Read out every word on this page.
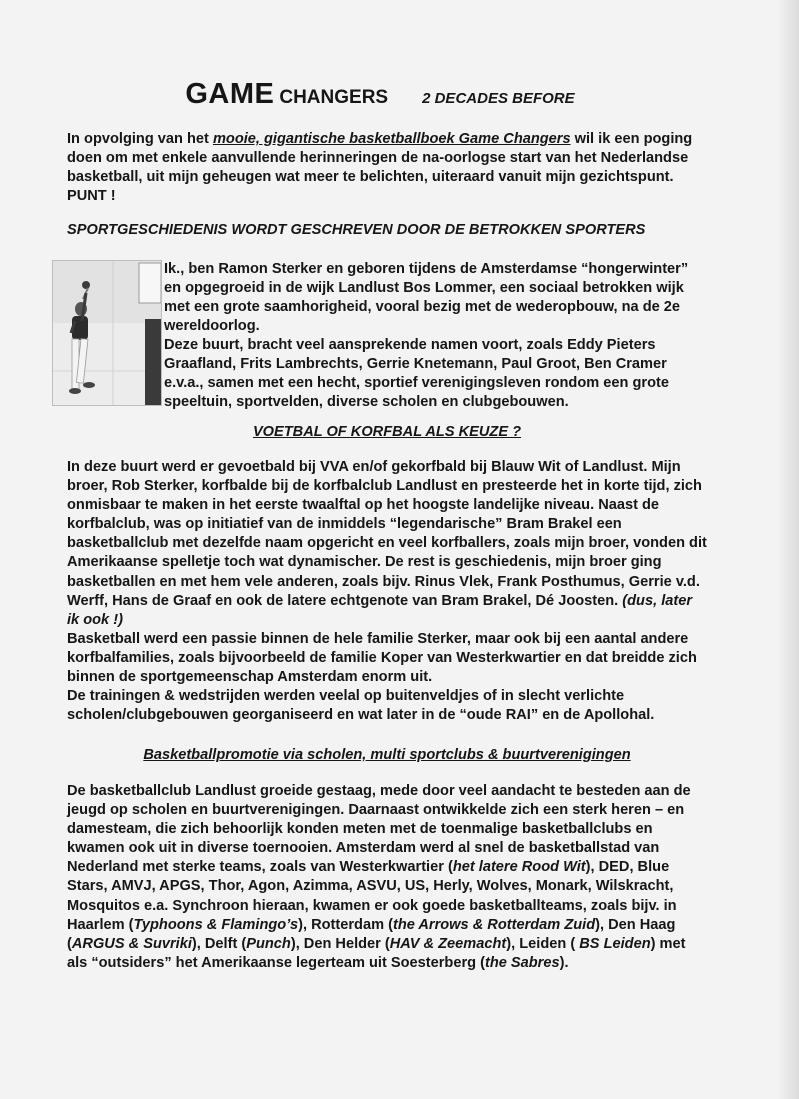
GAME CHANGERS 2 DECADES BEFORE

In opvolging van het mooie, gigantische basketballboek Game Changers wil ik een poging doen om met enkele aanvullende herinneringen de na-oorlogse start van het Nederlandse basketball, uit mijn geheugen wat meer te belichten, uiteraard vanuit mijn gezichtspunt. PUNT !

SPORTGESCHIEDENIS WORDT GESCHREVEN DOOR DE BETROKKEN SPORTERS

Ik., ben Ramon Sterker en geboren tijdens de Amsterdamse “hongerwinter” en opgegroeid in de wijk Landlust Bos Lommer, een sociaal betrokken wijk met een grote saamhorigheid, vooral bezig met de wederopbouw, na de 2e wereldoorlog.

Deze buurt, bracht veel aansprekende namen voort, zoals Eddy Pieters Graafland, Frits Lambrechts, Gerrie Knetemann, Paul Groot, Ben Cramer e.v.a., samen met een hecht, sportief verenigingsleven rondom een grote speeltuin, sportvelden, diverse scholen en clubgebouwen.

VOETBAL OF KORFBAL ALS KEUZE ?

In deze buurt werd er gevoetbald bij VVA en/of gekorfbald bij Blauw Wit of Landlust. Mijn broer, Rob Sterker, korfbalde bij de korfbalclub Landlust en presteerde het in korte tijd, zich onmisbaar te maken in het eerste twaalftal op het hoogste landelijke niveau. Naast de korfbalclub, was op initiatief van de inmiddels “legendarische” Bram Brakel een basketballclub met dezelfde naam opgericht en veel korfballers, zoals mijn broer, vonden dit Amerikaanse spelletje toch wat dynamischer. De rest is geschiedenis, mijn broer ging basketballen en met hem vele anderen, zoals bijv. Rinus Vlek, Frank Posthumus, Gerrie v.d. Werff, Hans de Graaf en ook de latere echtgenote van Bram Brakel, Dé Joosten. (dus, later ik ook !)

Basketball werd een passie binnen de hele familie Sterker, maar ook bij een aantal andere korfbalfamilies, zoals bijvoorbeeld de familie Koper van Westerkwartier en dat breidde zich binnen de sportgemeenschap Amsterdam enorm uit.

De trainingen & wedstrijden werden veelal op buitenveldjes of in slecht verlichte scholen/clubgebouwen georganiseerd en wat later in de “oude RAI” en de Apollohal.

Basketballpromotie via scholen, multi sportclubs & buurtverenigingen

De basketballclub Landlust groeide gestaag, mede door veel aandacht te besteden aan de jeugd op scholen en buurtverenigingen. Daarnaast ontwikkelde zich een sterk heren – en damesteam, die zich behoorlijk konden meten met de toenmalige basketballclubs en kwamen ook uit in diverse toernooien. Amsterdam werd al snel de basketballstad van Nederland met sterke teams, zoals van Westerkwartier (het latere Rood Wit), DED, Blue Stars, AMVJ, APGS, Thor, Agon, Azimma, ASVU, US, Herly, Wolves, Monark, Wilskracht, Mosquitos e.a. Synchroon hieraan, kwamen er ook goede basketballteams, zoals bijv. in Haarlem (Typhoons & Flamingo’s), Rotterdam (the Arrows & Rotterdam Zuid), Den Haag (ARGUS & Suvriki), Delft (Punch), Den Helder (HAV & Zeemacht), Leiden ( BS Leiden) met als “outsiders” het Amerikaanse legerteam uit Soesterberg (the Sabres).
